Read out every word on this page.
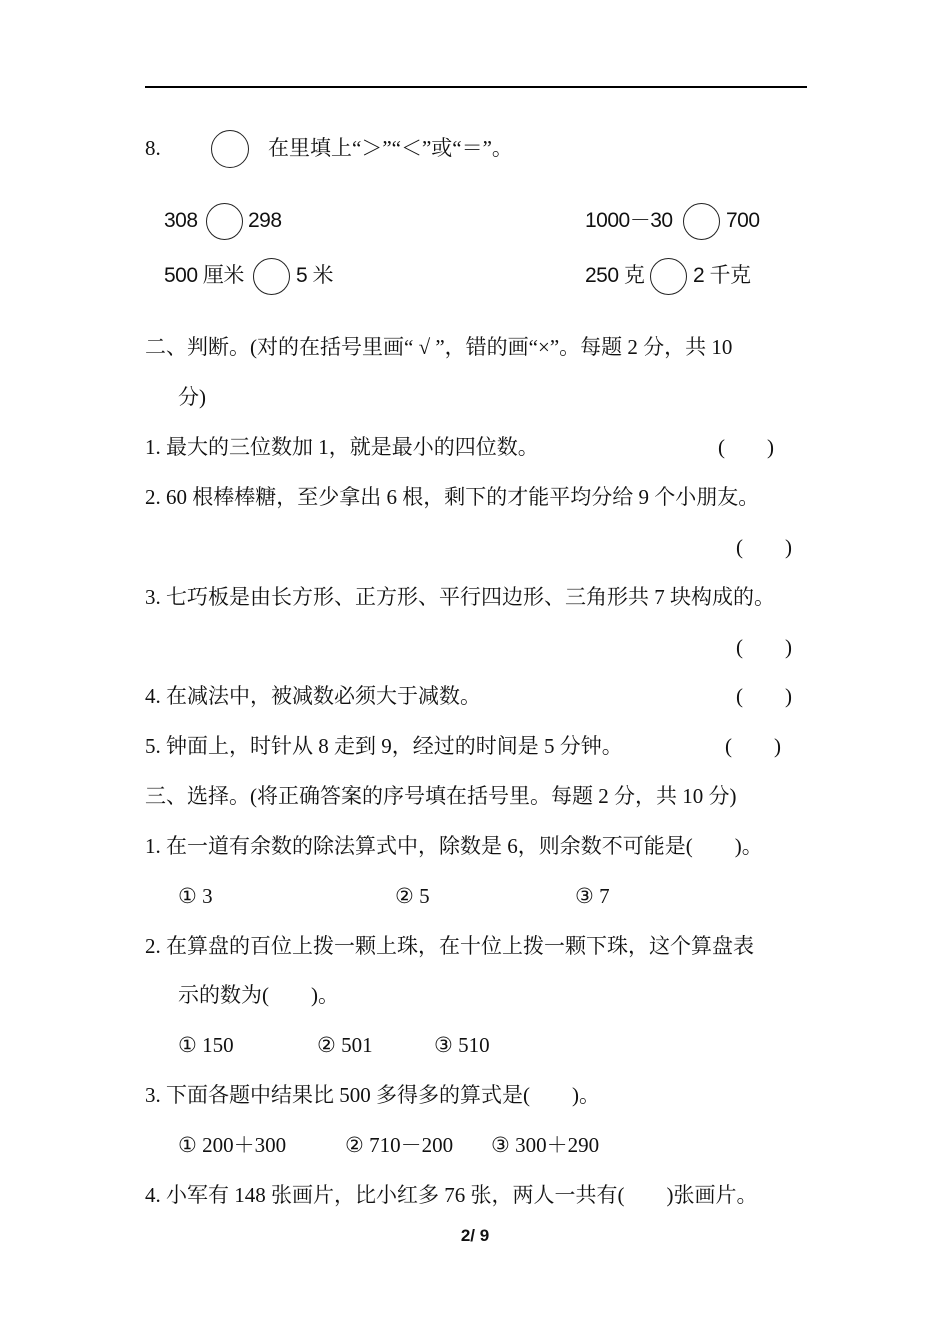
8.	在里填上“＞”“＜”或“＝”。
308 298	1000－30	700
500 厘米 5 米	250 克 2 千克
二、判断。(对的在括号里画“ √ ”，错的画“×”。每题 2 分，共 10
分)
1. 最大的三位数加 1，就是最小的四位数。	(　　)
2. 60 根棒棒糖，至少拿出 6 根，剩下的才能平均分给 9 个小朋友。
(　　)
3. 七巧板是由长方形、正方形、平行四边形、三角形共 7 块构成的。
(　　)
4. 在减法中，被减数必须大于减数。	(　　)
5. 钟面上，时针从 8 走到 9，经过的时间是 5 分钟。	(　　)
三、选择。(将正确答案的序号填在括号里。每题 2 分，共 10 分)
1. 在一道有余数的除法算式中，除数是 6，则余数不可能是(　　)。
① 3	② 5	③ 7
2. 在算盘的百位上拨一颗上珠，在十位上拨一颗下珠，这个算盘表
示的数为(　　)。
① 150	② 501	③ 510
3. 下面各题中结果比 500 多得多的算式是(　　)。
① 200＋300	② 710－200 ③ 300＋290
4. 小军有 148 张画片，比小红多 76 张，两人一共有(　　)张画片。
2/ 9
